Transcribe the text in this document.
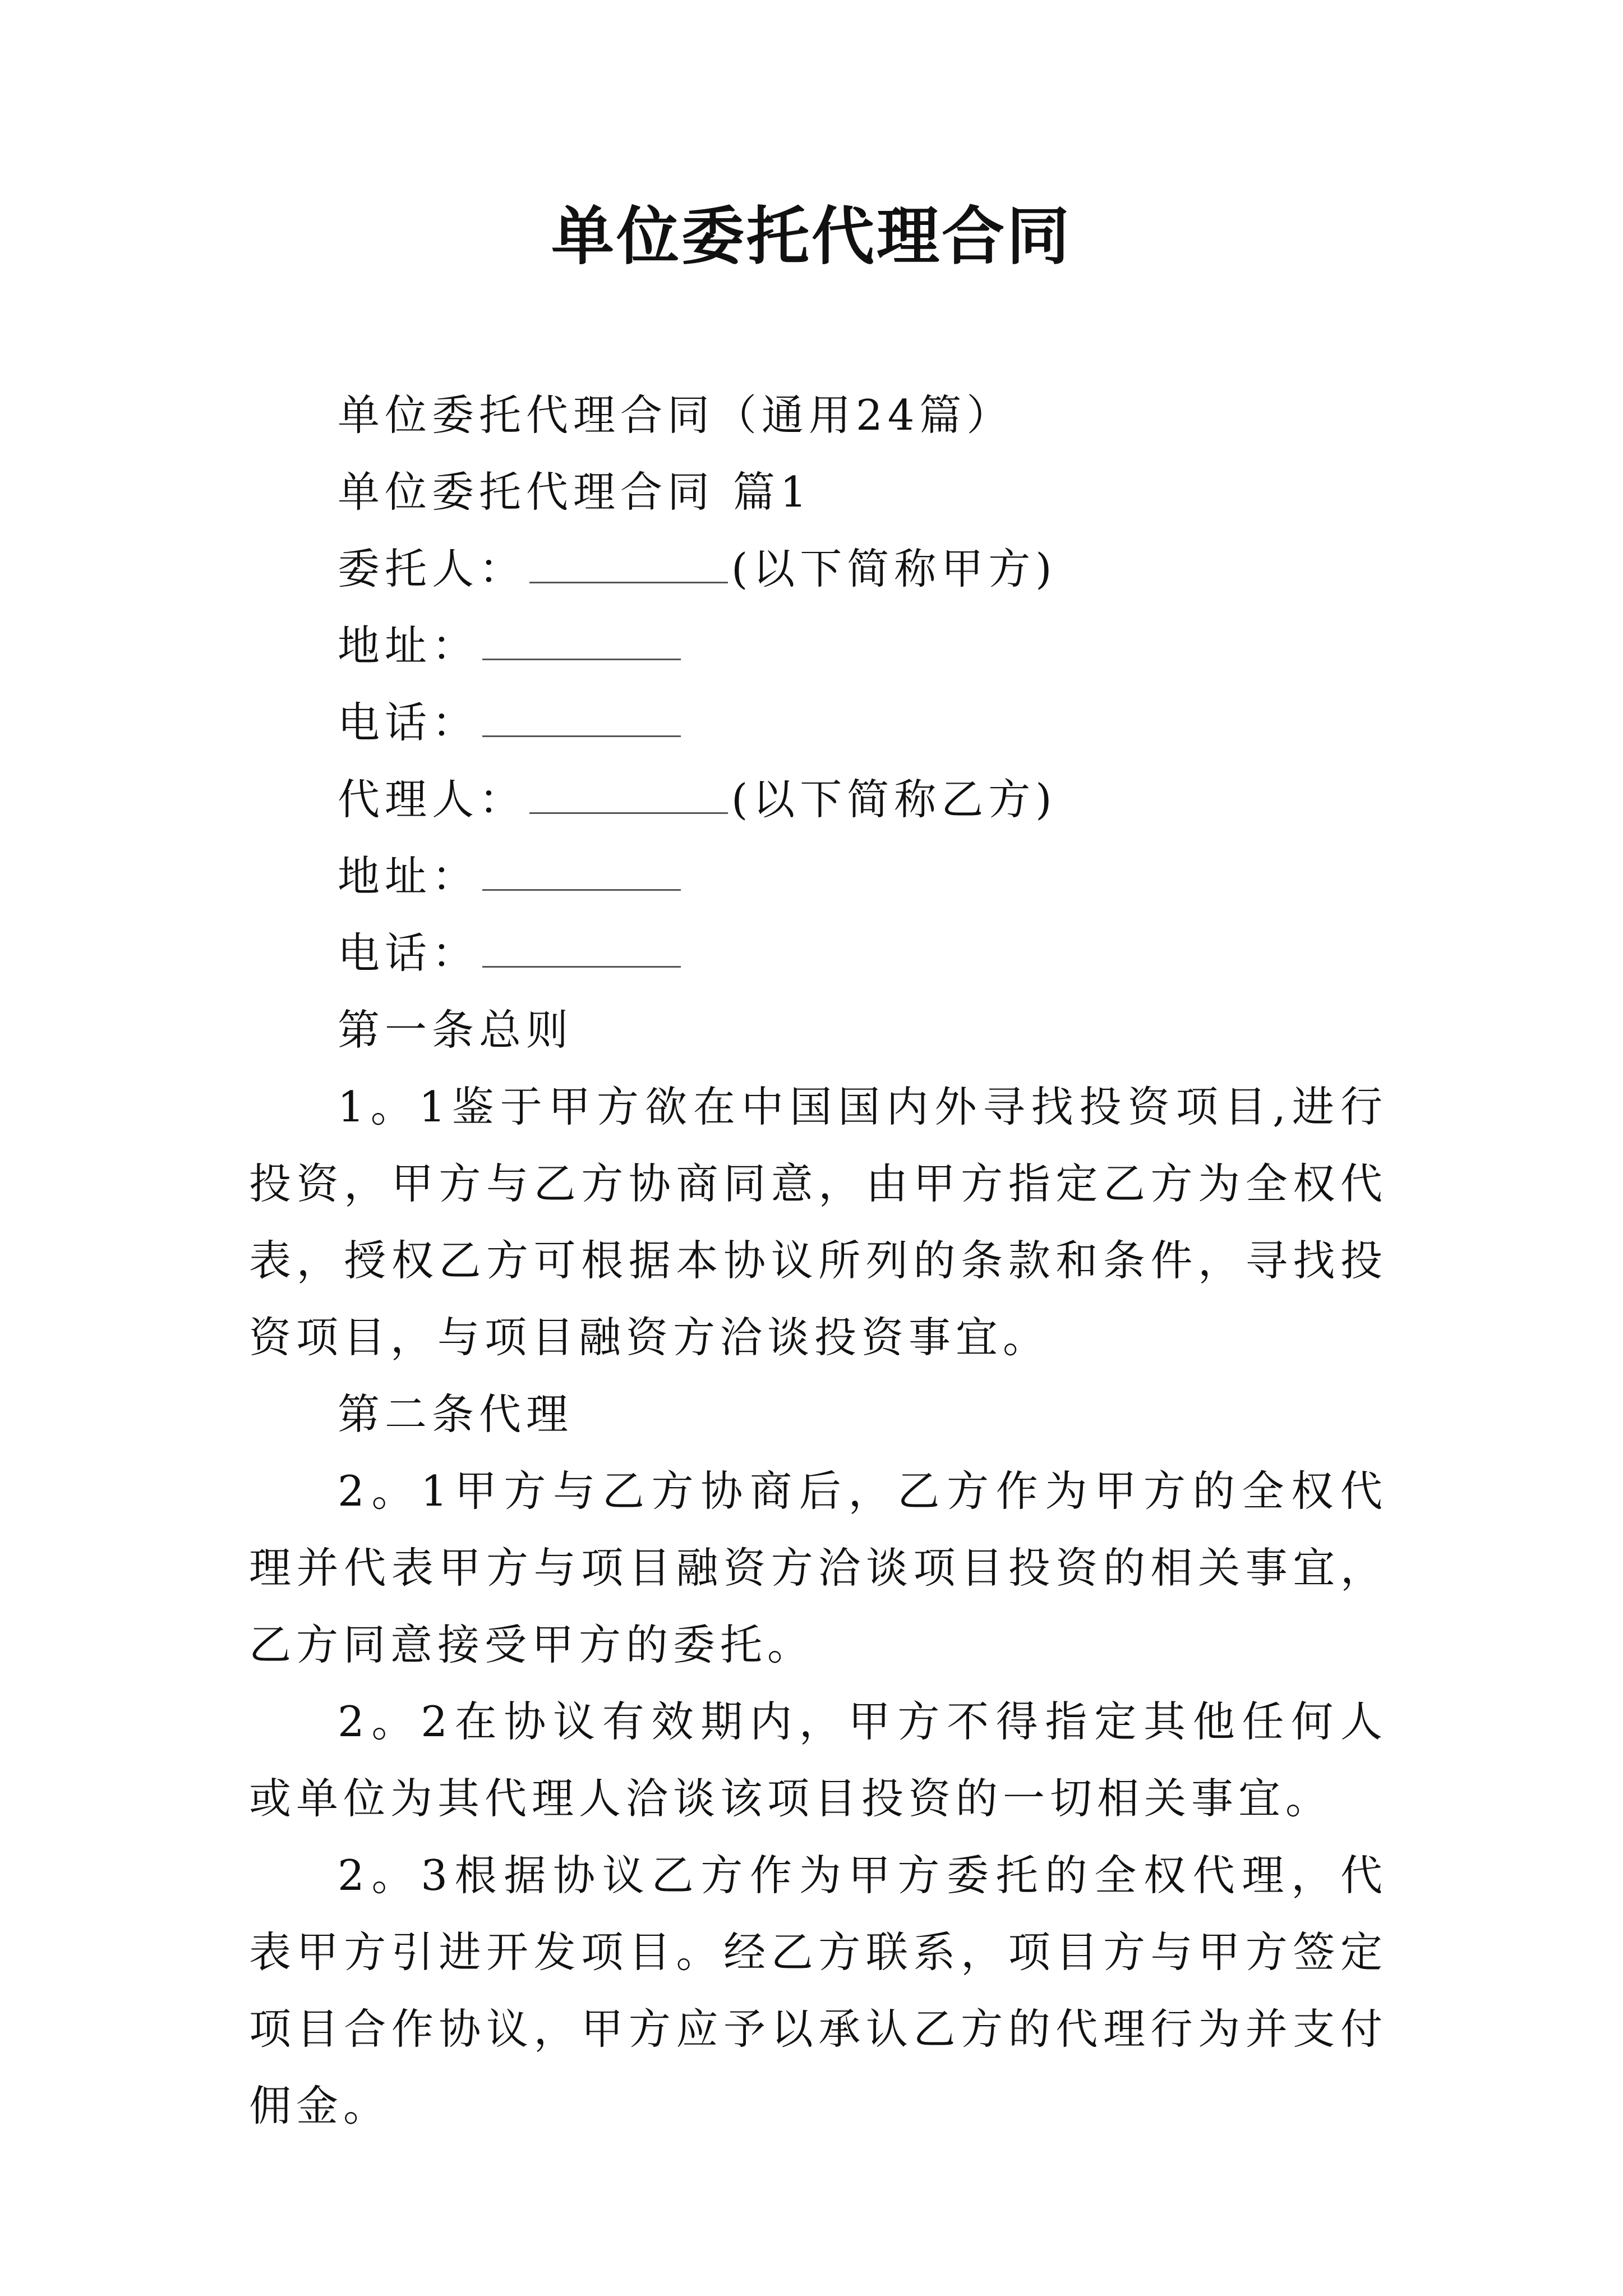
单位委托代理合同
单位委托代理合同（通用24篇）
单位委托代理合同 篇1
委托人：	(以下简称甲方)
地址：
电话：
代理人：	(以下简称乙方)
地址：
电话：
第一条总则
1。1鉴于甲方欲在中国国内外寻找投资项目,进行投资，甲方与乙方协商同意，由甲方指定乙方为全权代表，授权乙方可根据本协议所列的条款和条件，寻找投资项目，与项目融资方洽谈投资事宜。
第二条代理
2。1甲方与乙方协商后，乙方作为甲方的全权代理并代表甲方与项目融资方洽谈项目投资的相关事宜，乙方同意接受甲方的委托。
2。2在协议有效期内，甲方不得指定其他任何人或单位为其代理人洽谈该项目投资的一切相关事宜。
2。3根据协议乙方作为甲方委托的全权代理，代表甲方引进开发项目。经乙方联系，项目方与甲方签定项目合作协议，甲方应予以承认乙方的代理行为并支付佣金。
